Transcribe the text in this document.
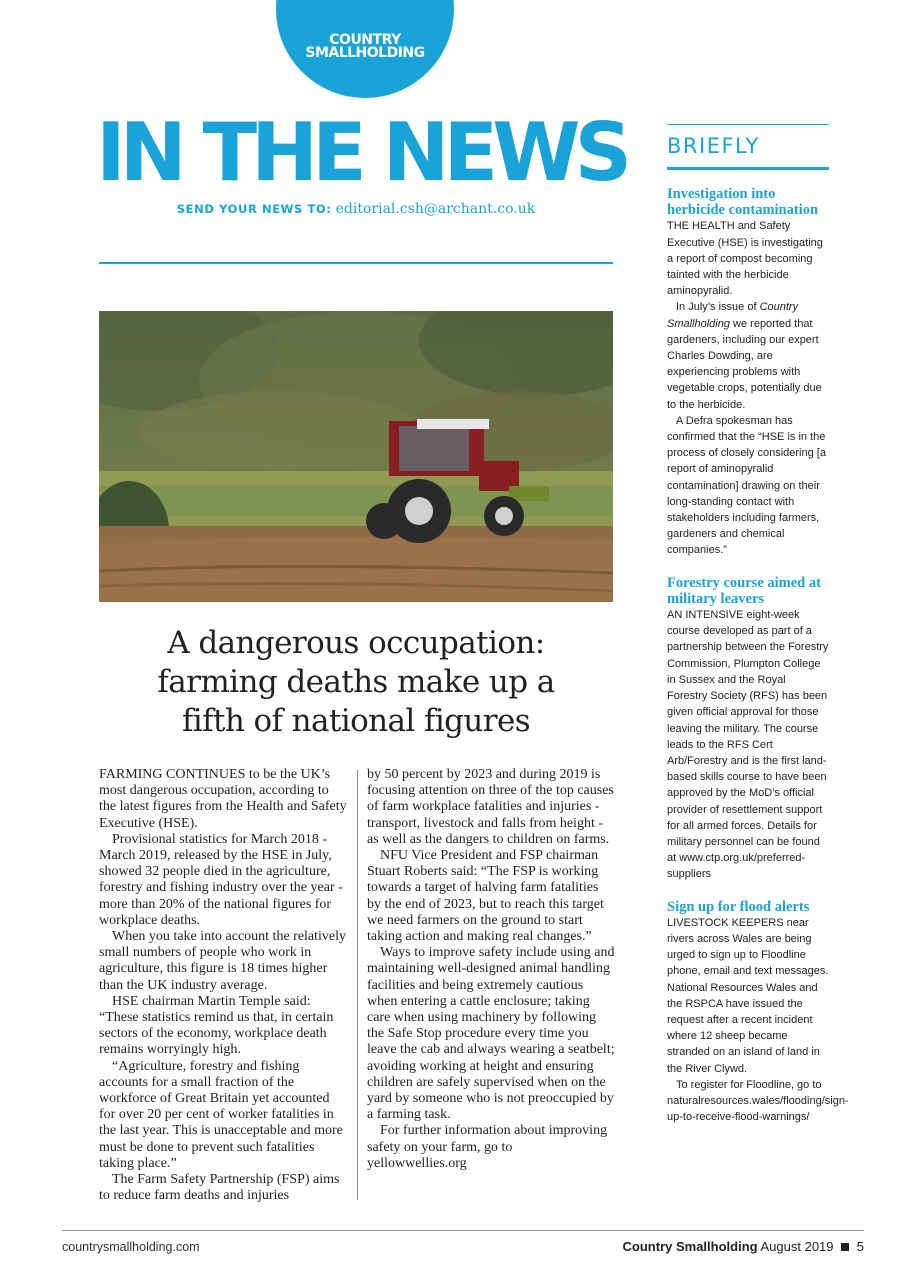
COUNTRY
SMALLHOLDING
IN THE NEWS
SEND YOUR NEWS TO: editorial.csh@archant.co.uk
A dangerous occupation:
farming deaths make up a
fifth of national figures

FARMING CONTINUES to be the UK’s most dangerous occupation, according to the latest figures from the Health and Safety Executive (HSE).

Provisional statistics for March 2018 - March 2019, released by the HSE in July, showed 32 people died in the agriculture, forestry and fishing industry over the year - more than 20% of the national figures for workplace deaths.

When you take into account the relatively small numbers of people who work in agriculture, this figure is 18 times higher than the UK industry average.

HSE chairman Martin Temple said: “These statistics remind us that, in certain sectors of the economy, workplace death remains worryingly high.

“Agriculture, forestry and fishing accounts for a small fraction of the workforce of Great Britain yet accounted for over 20 per cent of worker fatalities in the last year. This is unacceptable and more must be done to prevent such fatalities taking place.”

The Farm Safety Partnership (FSP) aims to reduce farm deaths and injuries

by 50 percent by 2023 and during 2019 is focusing attention on three of the top causes of farm workplace fatalities and injuries - transport, livestock and falls from height - as well as the dangers to children on farms.

NFU Vice President and FSP chairman Stuart Roberts said: “The FSP is working towards a target of halving farm fatalities by the end of 2023, but to reach this target we need farmers on the ground to start taking action and making real changes.”

Ways to improve safety include using and maintaining well-designed animal handling facilities and being extremely cautious when entering a cattle enclosure; taking care when using machinery by following the Safe Stop procedure every time you leave the cab and always wearing a seatbelt; avoiding working at height and ensuring children are safely supervised when on the yard by someone who is not preoccupied by a farming task.

For further information about improving safety on your farm, go to yellowwellies.org

BRIEFLY
Investigation into herbicide contamination

THE HEALTH and Safety Executive (HSE) is investigating a report of compost becoming tainted with the herbicide aminopyralid.

In July’s issue of Country Smallholding we reported that gardeners, including our expert Charles Dowding, are experiencing problems with vegetable crops, potentially due to the herbicide.

A Defra spokesman has confirmed that the “HSE is in the process of closely considering [a report of aminopyralid contamination] drawing on their long-standing contact with stakeholders including farmers, gardeners and chemical companies.”

Forestry course aimed at military leavers

AN INTENSIVE eight-week course developed as part of a partnership between the Forestry Commission, Plumpton College in Sussex and the Royal Forestry Society (RFS) has been given official approval for those leaving the military. The course leads to the RFS Cert Arb/Forestry and is the first land-based skills course to have been approved by the MoD’s official provider of resettlement support for all armed forces. Details for military personnel can be found at www.ctp.org.uk/preferred-suppliers

Sign up for flood alerts

LIVESTOCK KEEPERS near rivers across Wales are being urged to sign up to Floodline phone, email and text messages. National Resources Wales and the RSPCA have issued the request after a recent incident where 12 sheep became stranded on an island of land in the River Clywd.

To register for Floodline, go to naturalresources.wales/flooding/sign-up-to-receive-flood-warnings/

countrysmallholding.com	Country Smallholding August 2019 5
